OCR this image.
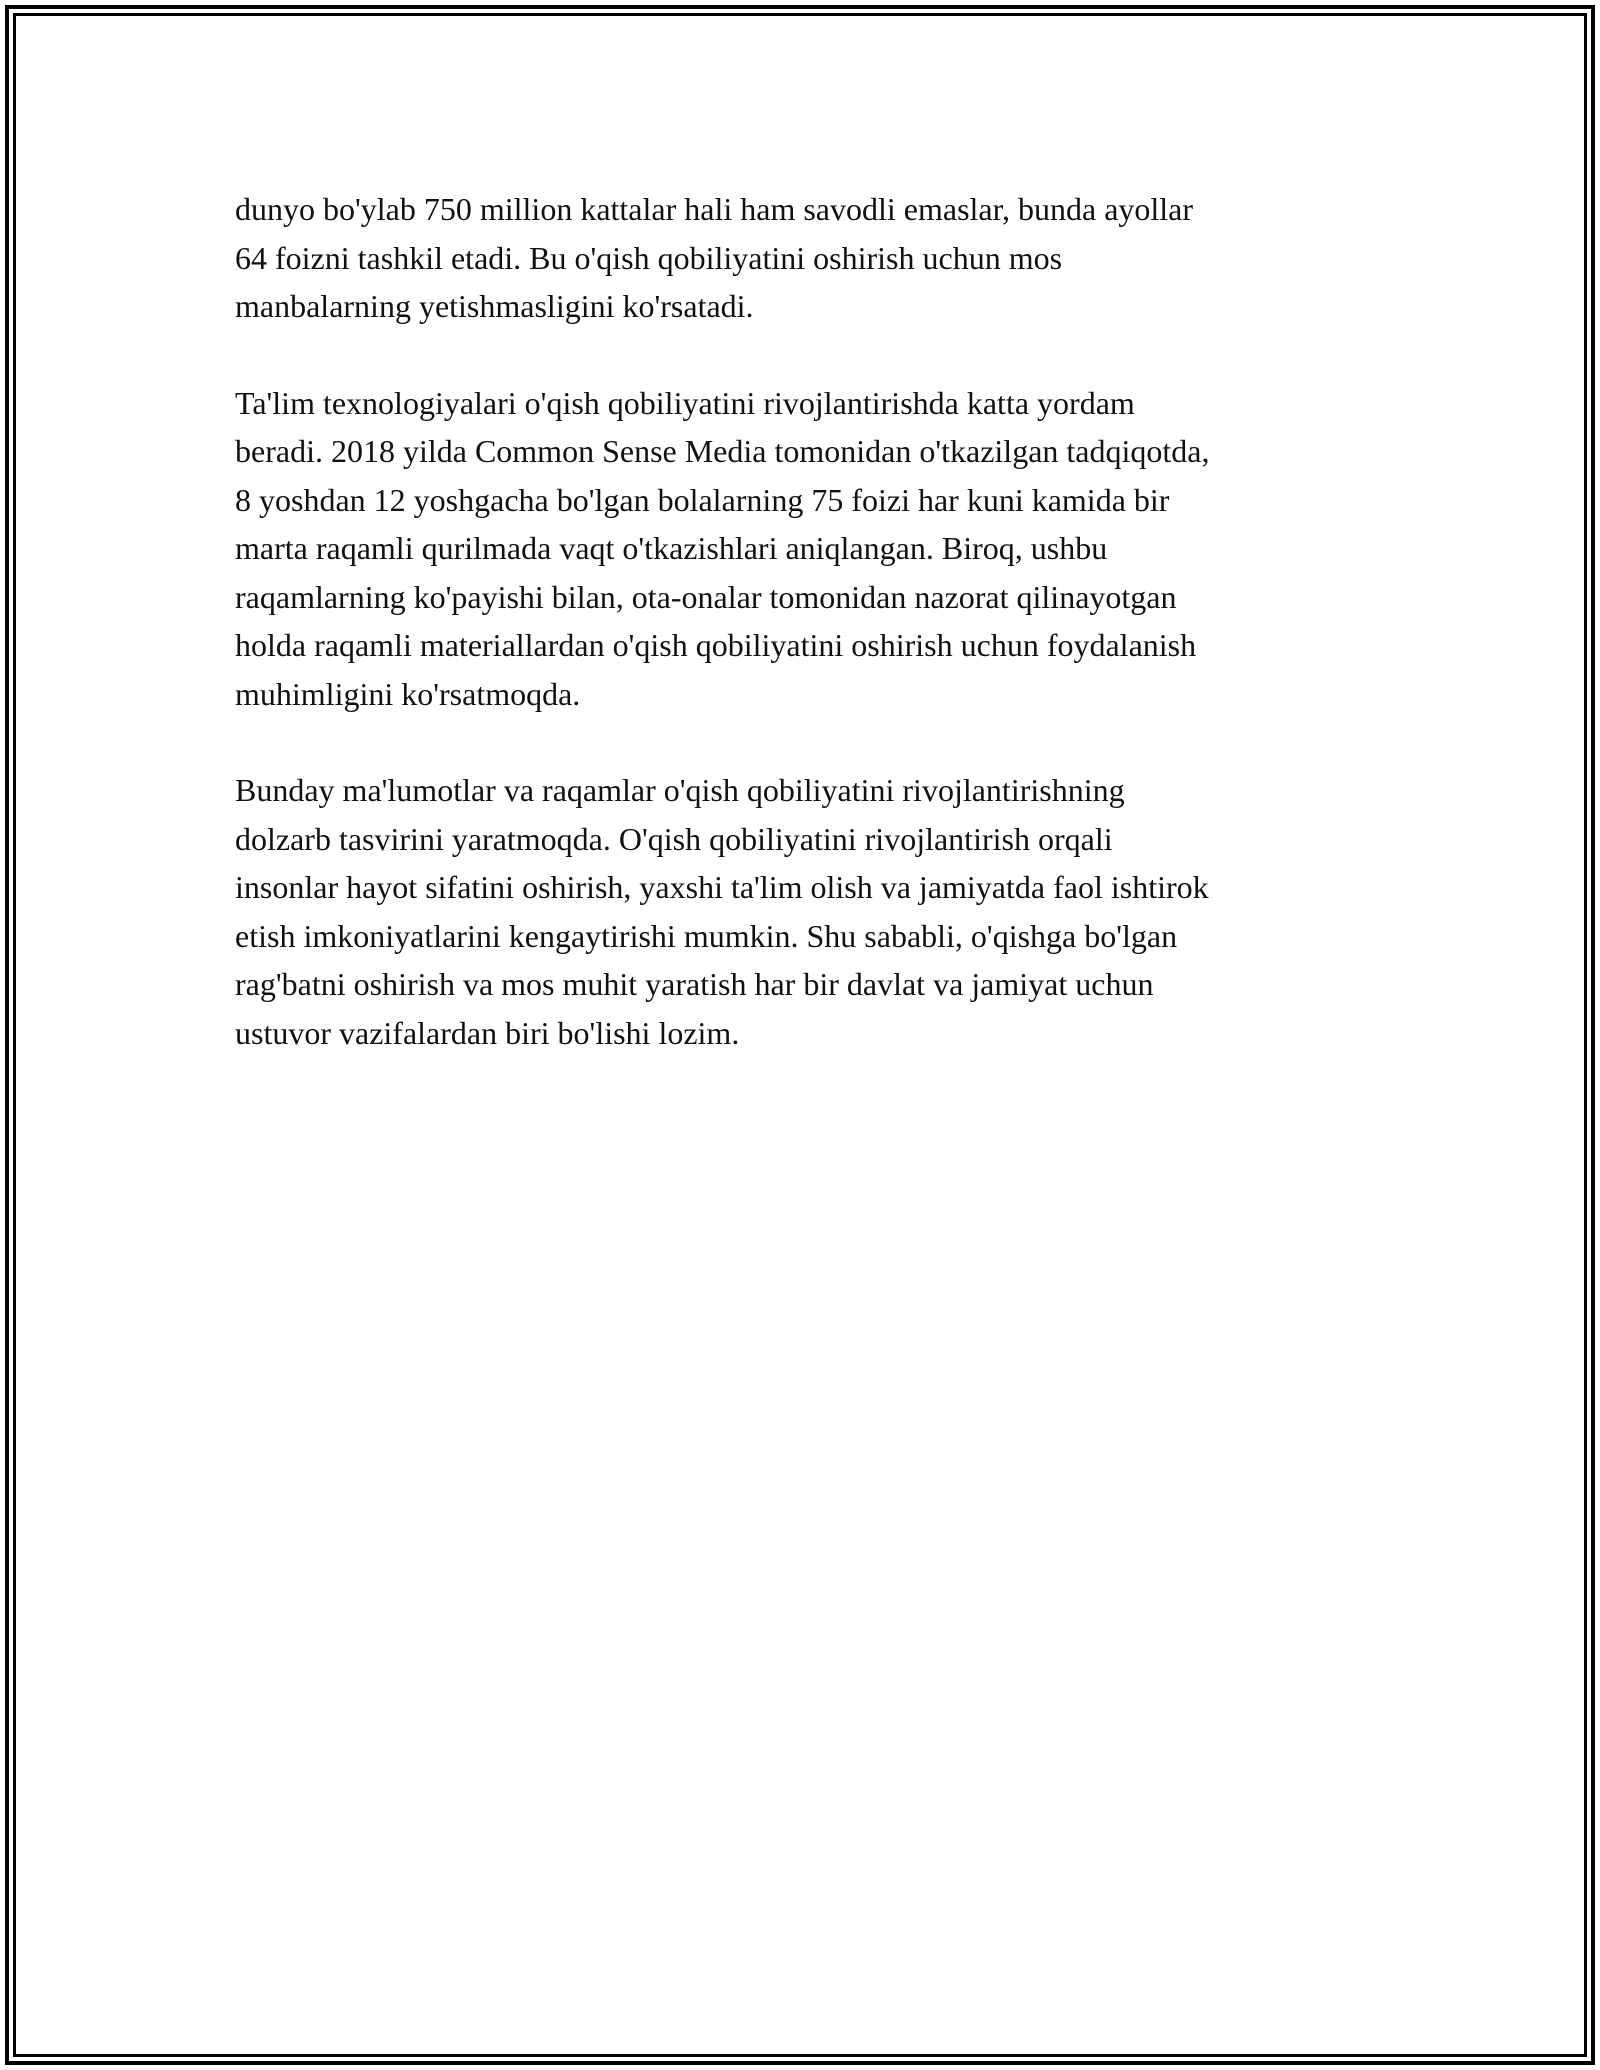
dunyo bo'ylab 750 million kattalar hali ham savodli emaslar, bunda ayollar
64 foizni tashkil etadi. Bu o'qish qobiliyatini oshirish uchun mos
manbalarning yetishmasligini ko'rsatadi.

Ta'lim texnologiyalari o'qish qobiliyatini rivojlantirishda katta yordam
beradi. 2018 yilda Common Sense Media tomonidan o'tkazilgan tadqiqotda,
8 yoshdan 12 yoshgacha bo'lgan bolalarning 75 foizi har kuni kamida bir
marta raqamli qurilmada vaqt o'tkazishlari aniqlangan. Biroq, ushbu
raqamlarning ko'payishi bilan, ota-onalar tomonidan nazorat qilinayotgan
holda raqamli materiallardan o'qish qobiliyatini oshirish uchun foydalanish
muhimligini ko'rsatmoqda.

Bunday ma'lumotlar va raqamlar o'qish qobiliyatini rivojlantirishning
dolzarb tasvirini yaratmoqda. O'qish qobiliyatini rivojlantirish orqali
insonlar hayot sifatini oshirish, yaxshi ta'lim olish va jamiyatda faol ishtirok
etish imkoniyatlarini kengaytirishi mumkin. Shu sababli, o'qishga bo'lgan
rag'batni oshirish va mos muhit yaratish har bir davlat va jamiyat uchun
ustuvor vazifalardan biri bo'lishi lozim.
